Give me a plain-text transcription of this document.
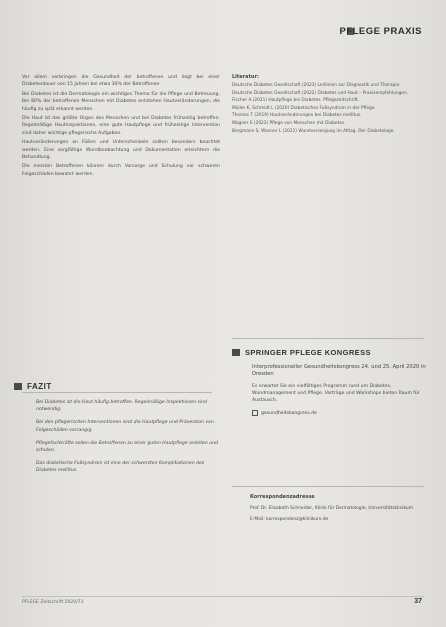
PFLEGE PRAXIS

Vor allem verbringen die Gesundheit der betroffenen und liegt bei einer Diabetesdauer von 15 Jahren bei etwa 30% der Betroffenen.

Bei Diabetes ist die Dermatologie ein wichtiges Thema für die Pflege und Betreuung. Bei 80% der betroffenen Menschen mit Diabetes entstehen Hautveränderungen, die häufig zu spät erkannt werden.

Die Haut ist das größte Organ des Menschen und bei Diabetes frühzeitig betroffen. Regelmäßige Hautinspektionen, eine gute Hautpflege und frühzeitige Intervention sind daher wichtige pflegerische Aufgaben.

Hautveränderungen an Füßen und Unterschenkeln sollten besonders beachtet werden. Eine sorgfältige Wundbeobachtung und Dokumentation erleichtern die Behandlung.

Die meisten Betroffenen können durch Vorsorge und Schulung vor schweren Folgeschäden bewahrt werden.

Literatur:
Deutsche Diabetes Gesellschaft (2023) Leitlinien zur Diagnostik und Therapie.
Deutsche Diabetes Gesellschaft (2022) Diabetes und Haut – Praxisempfehlungen.
Fischer A (2021) Hautpflege bei Diabetes. Pflegezeitschrift.
Müller K, Schmidt L (2020) Diabetisches Fußsyndrom in der Pflege.
Thomas T (2019) Hautveränderungen bei Diabetes mellitus.
Wagner E (2022) Pflege von Menschen mit Diabetes.
Bergmann S, Wanner L (2021) Wundversorgung im Alltag. Der Diabetologe.
SPRINGER PFLEGE KONGRESS
Interprofessioneller Gesundheitskongress 24. und 25. April 2020 in Dresden
Es erwartet Sie ein vielfältiges Programm rund um Diabetes, Wundmanagement und Pflege. Vorträge und Workshops bieten Raum für Austausch.
gesundheitskongress.de
FAZIT
Bei Diabetes ist die Haut häufig betroffen. Regelmäßige Inspektionen sind notwendig.
Bei den pflegerischen Interventionen sind die Hautpflege und Prävention von Folgeschäden vorrangig.
Pflegefachkräfte sollen die Betroffenen zu einer guten Hautpflege anleiten und schulen.
Das diabetische Fußsyndrom ist eine der schwersten Komplikationen des Diabetes mellitus.
Korrespondenzadresse
Prof. Dr. Elisabeth Schneider, Klinik für Dermatologie, Universitätsklinikum
E-Mail: korrespondenz@klinikum.de
PFLEGE Zeitschrift 2020/73	37
